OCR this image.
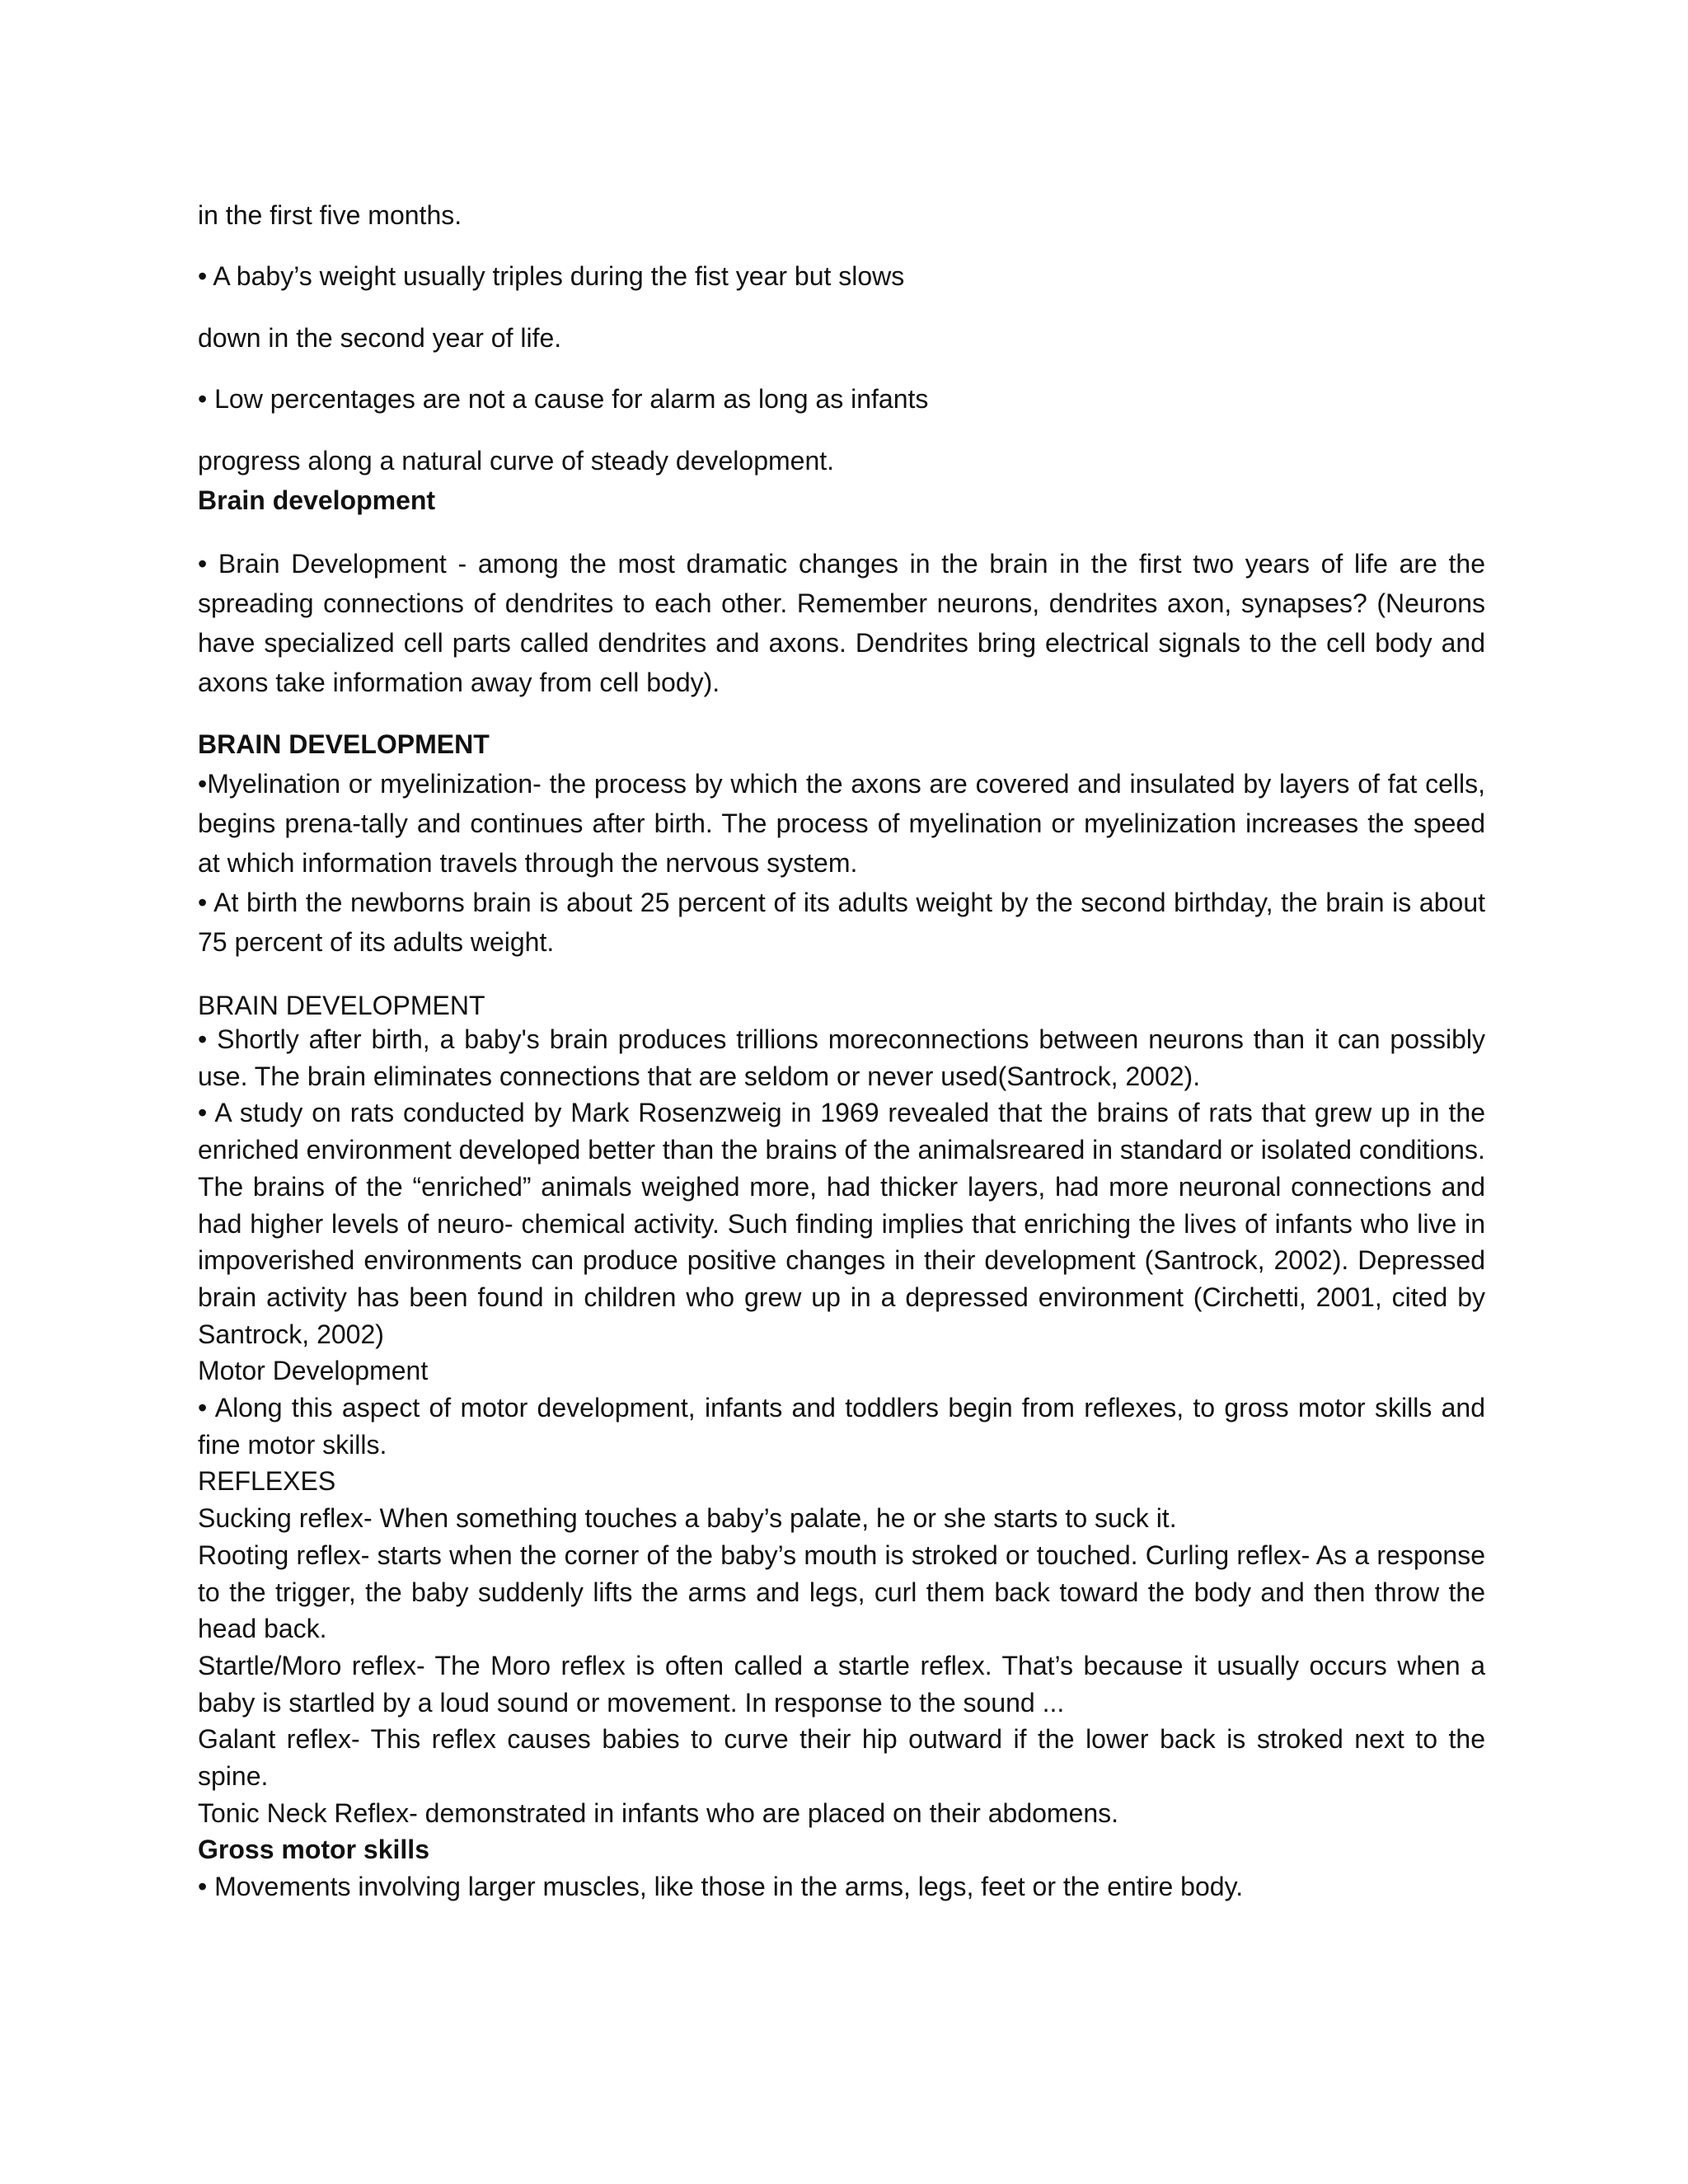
in the first five months.
• A baby’s weight usually triples during the fist year but slows
down in the second year of life.
• Low percentages are not a cause for alarm as long as infants
progress along a natural curve of steady development.
Brain development
• Brain Development - among the most dramatic changes in the brain in the first two years of life are the spreading connections of dendrites to each other. Remember neurons, dendrites axon, synapses? (Neurons have specialized cell parts called dendrites and axons. Dendrites bring electrical signals to the cell body and axons take information away from cell body).
BRAIN DEVELOPMENT

•Myelination or myelinization- the process by which the axons are covered and insulated by layers of fat cells, begins prena-tally and continues after birth. The process of myelination or myelinization increases the speed at which information travels through the nervous system.

• At birth the newborns brain is about 25 percent of its adults weight by the second birthday, the brain is about 75 percent of its adults weight.

BRAIN DEVELOPMENT

• Shortly after birth, a baby's brain produces trillions moreconnections between neurons than it can possibly use. The brain eliminates connections that are seldom or never used(Santrock, 2002).

• A study on rats conducted by Mark Rosenzweig in 1969 revealed that the brains of rats that grew up in the enriched environment developed better than the brains of the animalsreared in standard or isolated conditions.

The brains of the “enriched” animals weighed more, had thicker layers, had more neuronal connections and had higher levels of neuro- chemical activity. Such finding implies that enriching the lives of infants who live in impoverished environments can produce positive changes in their development (Santrock, 2002). Depressed brain activity has been found in children who grew up in a depressed environment (Circhetti, 2001, cited by Santrock, 2002)

Motor Development

• Along this aspect of motor development, infants and toddlers begin from reflexes, to gross motor skills and fine motor skills.

REFLEXES

Sucking reflex- When something touches a baby’s palate, he or she starts to suck it.

Rooting reflex- starts when the corner of the baby’s mouth is stroked or touched. Curling reflex- As a response to the trigger, the baby suddenly lifts the arms and legs, curl them back toward the body and then throw the head back.

Startle/Moro reflex- The Moro reflex is often called a startle reflex. That’s because it usually occurs when a baby is startled by a loud sound or movement. In response to the sound ...

Galant reflex- This reflex causes babies to curve their hip outward if the lower back is stroked next to the spine.

Tonic Neck Reflex- demonstrated in infants who are placed on their abdomens.

Gross motor skills

• Movements involving larger muscles, like those in the arms, legs, feet or the entire body.
